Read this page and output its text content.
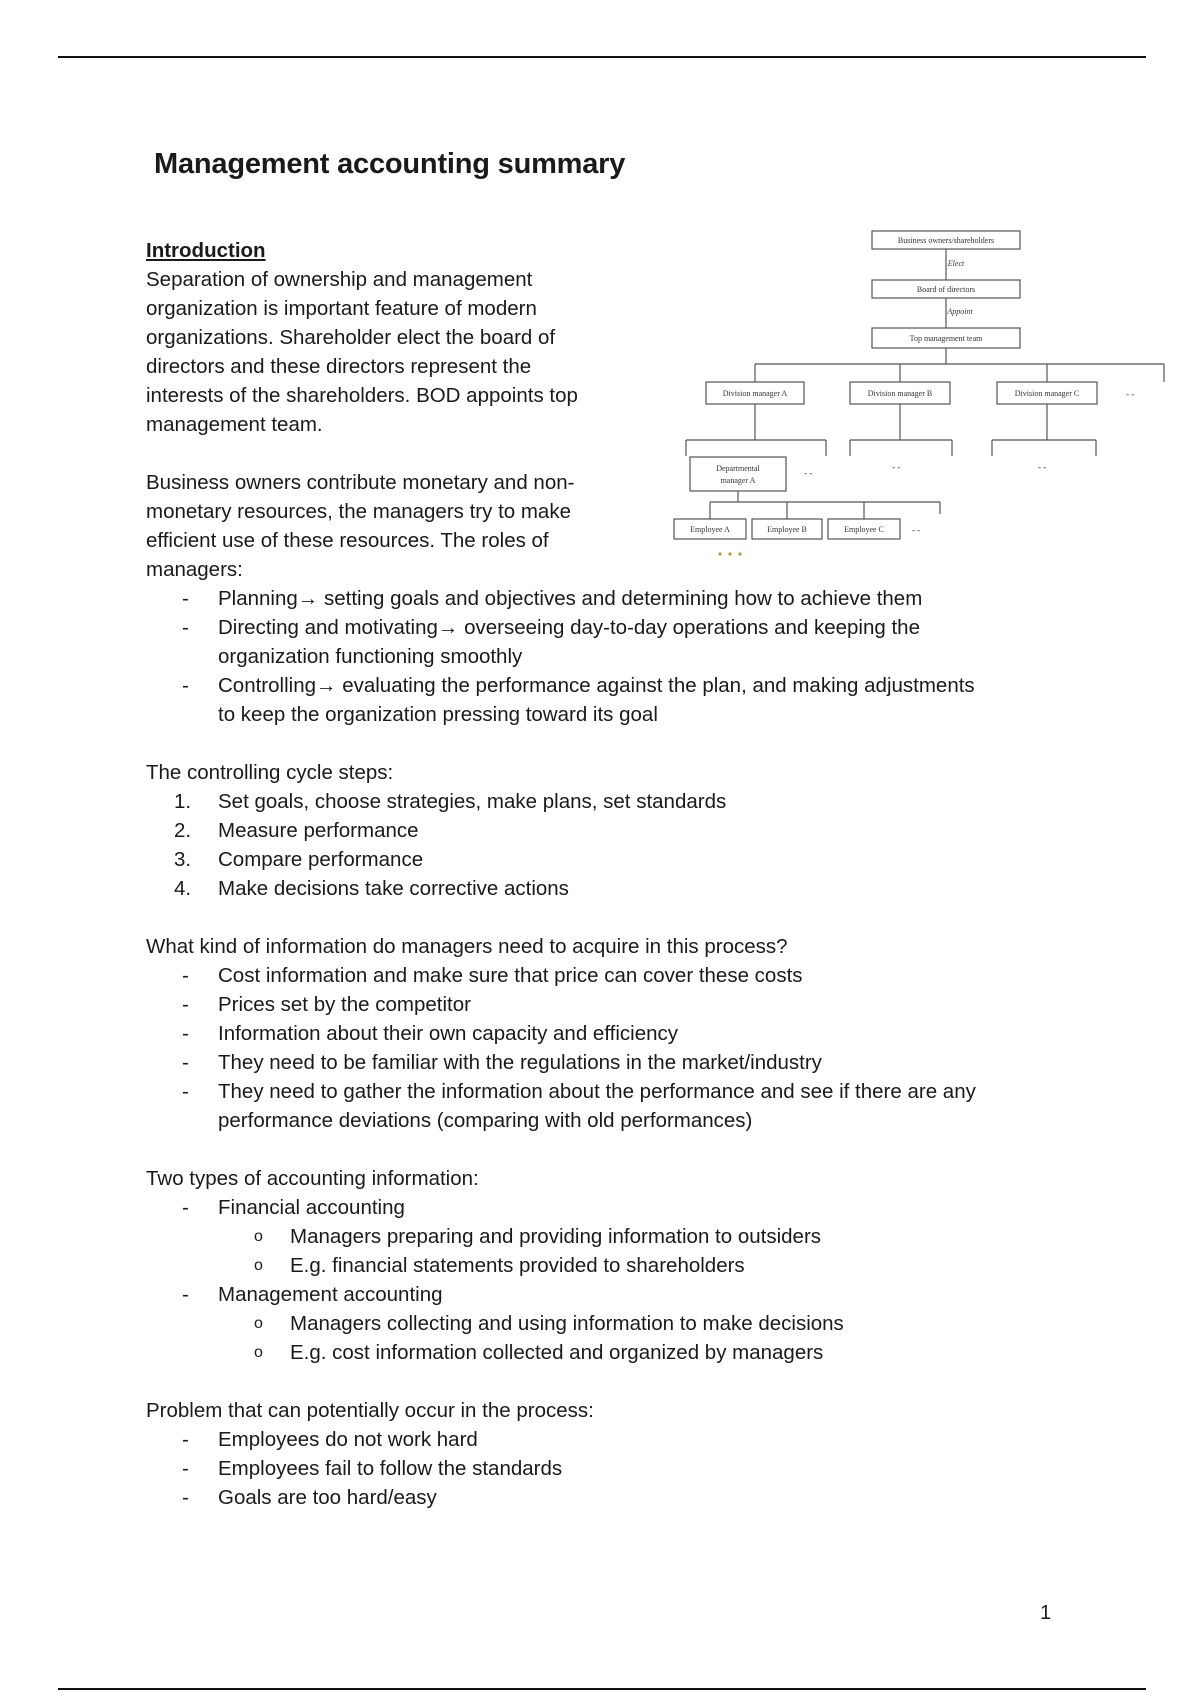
Management accounting summary
Business owners/shareholders
Board of directors
Top management team
Division manager A	Division manager B	Division manager C
Departmental
manager A
Employee A	Employee B	Employee C
Elect
Appoint
- -
- -
- -	- -
- -
Introduction
Separation of ownership and management
organization is important feature of modern
organizations. Shareholder elect the board of
directors and these directors represent the
interests of the shareholders. BOD appoints top
management team.
Business owners contribute monetary and non-
monetary resources, the managers try to make
efficient use of these resources. The roles of
managers:
- Planning→ setting goals and objectives and determining how to achieve them
- Directing and motivating→ overseeing day-to-day operations and keeping the
organization functioning smoothly
- Controlling→ evaluating the performance against the plan, and making adjustments
to keep the organization pressing toward its goal
The controlling cycle steps:
1. Set goals, choose strategies, make plans, set standards
2. Measure performance
3. Compare performance
4. Make decisions take corrective actions
What kind of information do managers need to acquire in this process?
- Cost information and make sure that price can cover these costs
- Prices set by the competitor
- Information about their own capacity and efficiency
- They need to be familiar with the regulations in the market/industry
- They need to gather the information about the performance and see if there are any
performance deviations (comparing with old performances)
Two types of accounting information:
- Financial accounting
o Managers preparing and providing information to outsiders
o E.g. financial statements provided to shareholders
- Management accounting
o Managers collecting and using information to make decisions
o E.g. cost information collected and organized by managers
Problem that can potentially occur in the process:
- Employees do not work hard
- Employees fail to follow the standards
- Goals are too hard/easy
1
